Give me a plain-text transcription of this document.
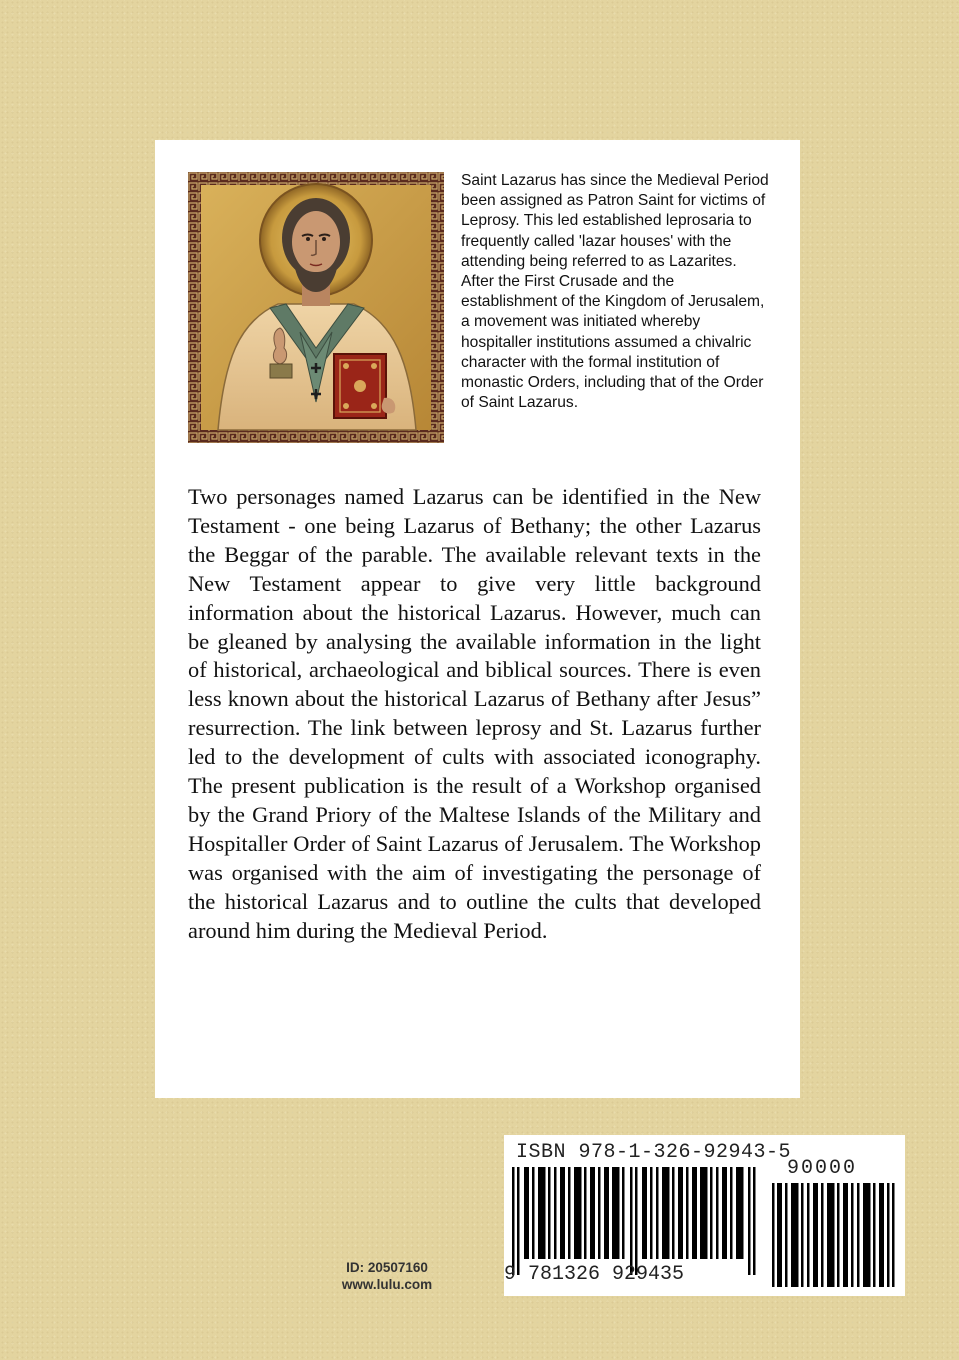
Saint Lazarus has since the Medieval Period been assigned as Patron Saint for victims of Leprosy. This led established leprosaria to frequently called 'lazar houses' with the attending being referred to as Lazarites. After the First Crusade and the establishment of the Kingdom of Jerusalem, a movement was initiated whereby hospitaller institutions assumed a chivalric character with the formal institution of monastic Orders, including that of the Order of Saint Lazarus.

Two personages named Lazarus can be identified in the New Testament - one being Lazarus of Bethany; the other Lazarus the Beggar of the parable. The available relevant texts in the New Testament appear to give very little background information about the historical Lazarus. However, much can be gleaned by analysing the available information in the light of historical, archaeological and biblical sources. There is even less known about the historical Lazarus of Bethany after Jesus” resurrection. The link between leprosy and St. Lazarus further led to the development of cults with associated iconography. The present publication is the result of a Workshop organised by the Grand Priory of the Maltese Islands of the Military and Hospitaller Order of Saint Lazarus of Jerusalem. The Workshop was organised with the aim of investigating the personage of the historical Lazarus and to outline the cults that developed around him during the Medieval Period.

ISBN 978-1-326-92943-5

90000

9 781326 929435

ID: 20507160
www.lulu.com
